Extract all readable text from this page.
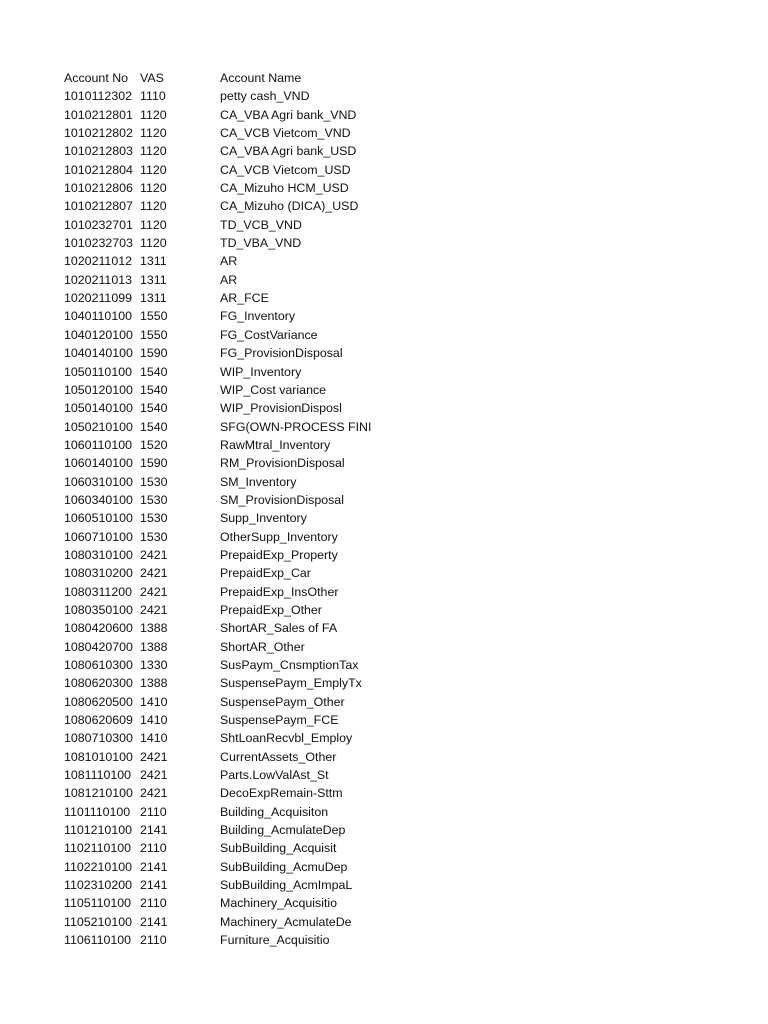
Account No VAS	Account Name
1010112302 1110	petty cash_VND
1010212801 1120	CA_VBA Agri bank_VND
1010212802 1120	CA_VCB Vietcom_VND
1010212803 1120	CA_VBA Agri bank_USD
1010212804 1120	CA_VCB Vietcom_USD
1010212806 1120	CA_Mizuho HCM_USD
1010212807 1120	CA_Mizuho (DICA)_USD
1010232701 1120	TD_VCB_VND
1010232703 1120	TD_VBA_VND
1020211012 1311	AR
1020211013 1311	AR
1020211099 1311	AR_FCE
1040110100 1550	FG_Inventory
1040120100 1550	FG_CostVariance
1040140100 1590	FG_ProvisionDisposal
1050110100 1540	WIP_Inventory
1050120100 1540	WIP_Cost variance
1050140100 1540	WIP_ProvisionDisposl
1050210100 1540	SFG(OWN-PROCESS FINI
1060110100 1520	RawMtral_Inventory
1060140100 1590	RM_ProvisionDisposal
1060310100 1530	SM_Inventory
1060340100 1530	SM_ProvisionDisposal
1060510100 1530	Supp_Inventory
1060710100 1530	OtherSupp_Inventory
1080310100 2421	PrepaidExp_Property
1080310200 2421	PrepaidExp_Car
1080311200 2421	PrepaidExp_InsOther
1080350100 2421	PrepaidExp_Other
1080420600 1388	ShortAR_Sales of FA
1080420700 1388	ShortAR_Other
1080610300 1330	SusPaym_CnsmptionTax
1080620300 1388	SuspensePaym_EmplyTx
1080620500 1410	SuspensePaym_Other
1080620609 1410	SuspensePaym_FCE
1080710300 1410	ShtLoanRecvbl_Employ
1081010100 2421	CurrentAssets_Other
1081110100 2421	Parts.LowValAst_St
1081210100 2421	DecoExpRemain-Sttm
1101110100 2110	Building_Acquisiton
1101210100 2141	Building_AcmulateDep
1102110100 2110	SubBuilding_Acquisit
1102210100 2141	SubBuilding_AcmuDep
1102310200 2141	SubBuilding_AcmImpaL
1105110100 2110	Machinery_Acquisitio
1105210100 2141	Machinery_AcmulateDe
1106110100 2110	Furniture_Acquisitio
